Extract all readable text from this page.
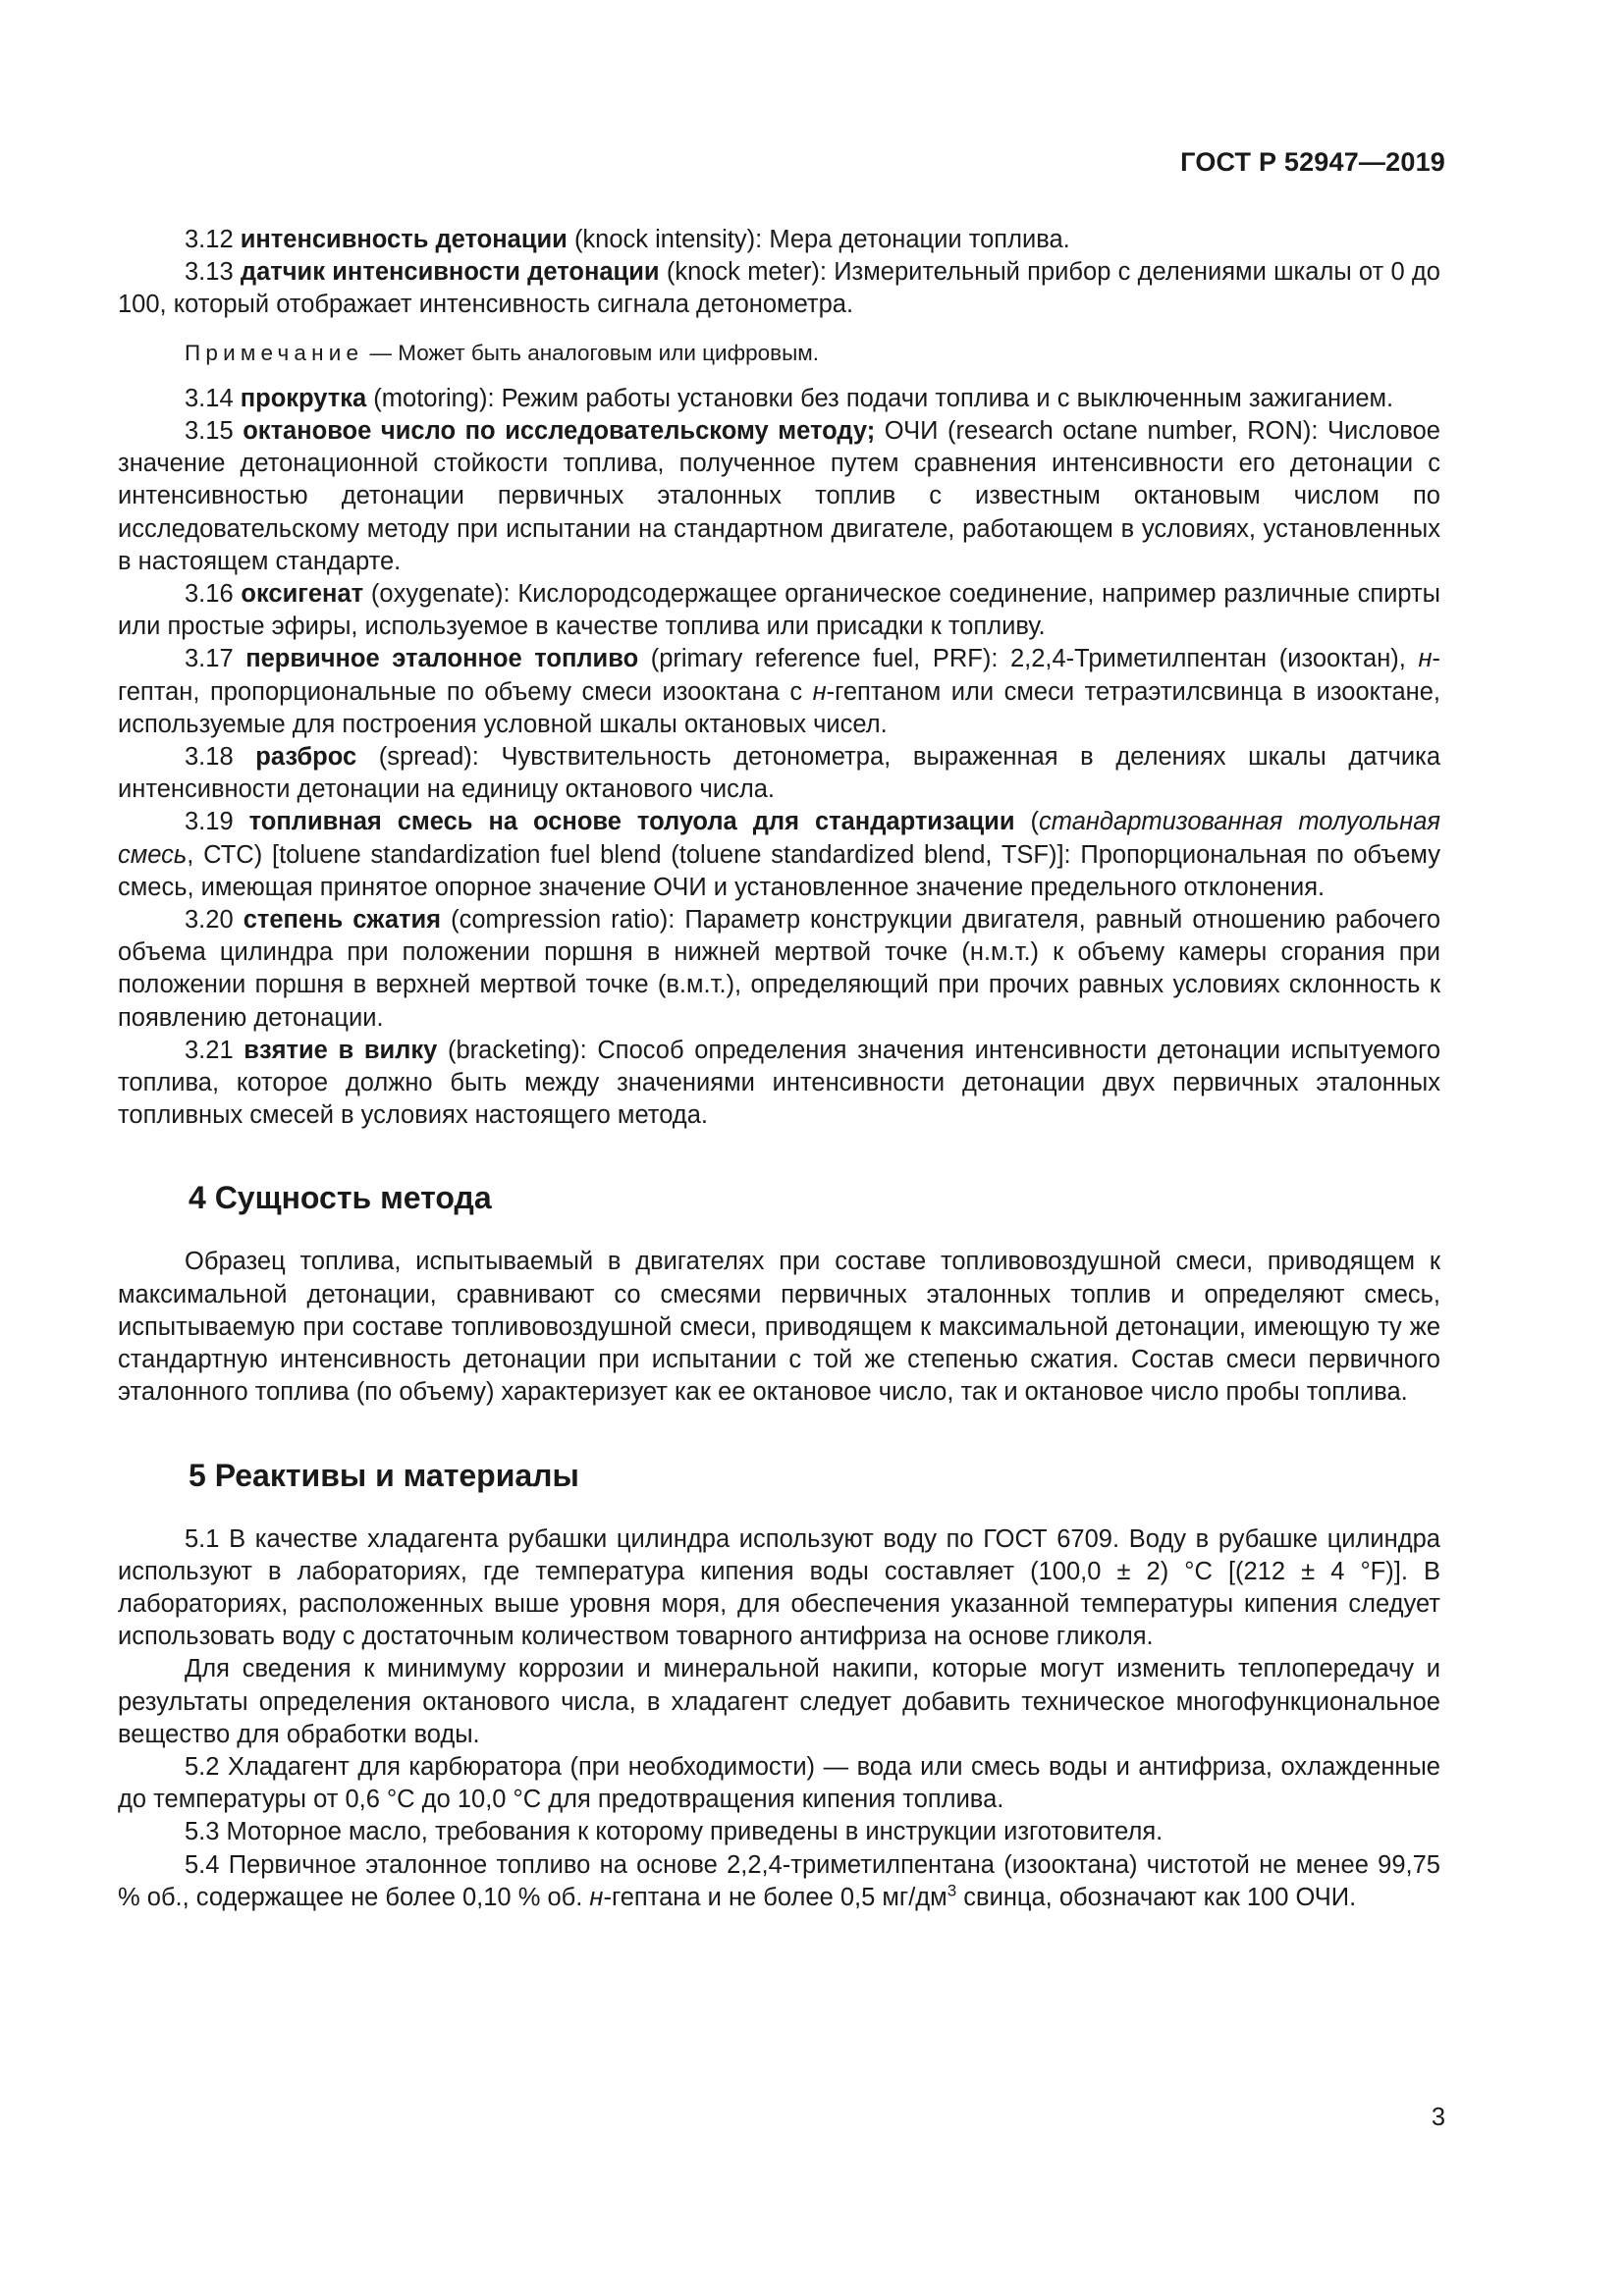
ГОСТ Р 52947—2019

3.12 интенсивность детонации (knock intensity): Мера детонации топлива.

3.13 датчик интенсивности детонации (knock meter): Измерительный прибор с делениями шкалы от 0 до 100, который отображает интенсивность сигнала детонометра.

Примечание — Может быть аналоговым или цифровым.

3.14 прокрутка (motoring): Режим работы установки без подачи топлива и с выключенным зажиганием.

3.15 октановое число по исследовательскому методу; ОЧИ (research octane number, RON): Числовое значение детонационной стойкости топлива, полученное путем сравнения интенсивности его детонации с интенсивностью детонации первичных эталонных топлив с известным октановым числом по исследовательскому методу при испытании на стандартном двигателе, работающем в условиях, установленных в настоящем стандарте.

3.16 оксигенат (oxygenate): Кислородсодержащее органическое соединение, например различные спирты или простые эфиры, используемое в качестве топлива или присадки к топливу.

3.17 первичное эталонное топливо (primary reference fuel, PRF): 2,2,4-Триметилпентан (изооктан), н-гептан, пропорциональные по объему смеси изооктана с н-гептаном или смеси тетраэтилсвинца в изооктане, используемые для построения условной шкалы октановых чисел.

3.18 разброс (spread): Чувствительность детонометра, выраженная в делениях шкалы датчика интенсивности детонации на единицу октанового числа.

3.19 топливная смесь на основе толуола для стандартизации (стандартизованная толуольная смесь, СТС) [toluene standardization fuel blend (toluene standardized blend, TSF)]: Пропорциональная по объему смесь, имеющая принятое опорное значение ОЧИ и установленное значение предельного отклонения.

3.20 степень сжатия (compression ratio): Параметр конструкции двигателя, равный отношению рабочего объема цилиндра при положении поршня в нижней мертвой точке (н.м.т.) к объему камеры сгорания при положении поршня в верхней мертвой точке (в.м.т.), определяющий при прочих равных условиях склонность к появлению детонации.

3.21 взятие в вилку (bracketing): Способ определения значения интенсивности детонации испытуемого топлива, которое должно быть между значениями интенсивности детонации двух первичных эталонных топливных смесей в условиях настоящего метода.

4 Сущность метода

Образец топлива, испытываемый в двигателях при составе топливовоздушной смеси, приводящем к максимальной детонации, сравнивают со смесями первичных эталонных топлив и определяют смесь, испытываемую при составе топливовоздушной смеси, приводящем к максимальной детонации, имеющую ту же стандартную интенсивность детонации при испытании с той же степенью сжатия. Состав смеси первичного эталонного топлива (по объему) характеризует как ее октановое число, так и октановое число пробы топлива.

5 Реактивы и материалы

5.1 В качестве хладагента рубашки цилиндра используют воду по ГОСТ 6709. Воду в рубашке цилиндра используют в лабораториях, где температура кипения воды составляет (100,0 ± 2) °С [(212 ± 4 °F)]. В лабораториях, расположенных выше уровня моря, для обеспечения указанной температуры кипения следует использовать воду с достаточным количеством товарного антифриза на основе гликоля.

Для сведения к минимуму коррозии и минеральной накипи, которые могут изменить теплопередачу и результаты определения октанового числа, в хладагент следует добавить техническое многофункциональное вещество для обработки воды.

5.2 Хладагент для карбюратора (при необходимости) — вода или смесь воды и антифриза, охлажденные до температуры от 0,6 °С до 10,0 °С для предотвращения кипения топлива.

5.3 Моторное масло, требования к которому приведены в инструкции изготовителя.

5.4 Первичное эталонное топливо на основе 2,2,4-триметилпентана (изооктана) чистотой не менее 99,75 % об., содержащее не более 0,10 % об. н-гептана и не более 0,5 $мг/дм^3$ свинца, обозначают как 100 ОЧИ.

3
